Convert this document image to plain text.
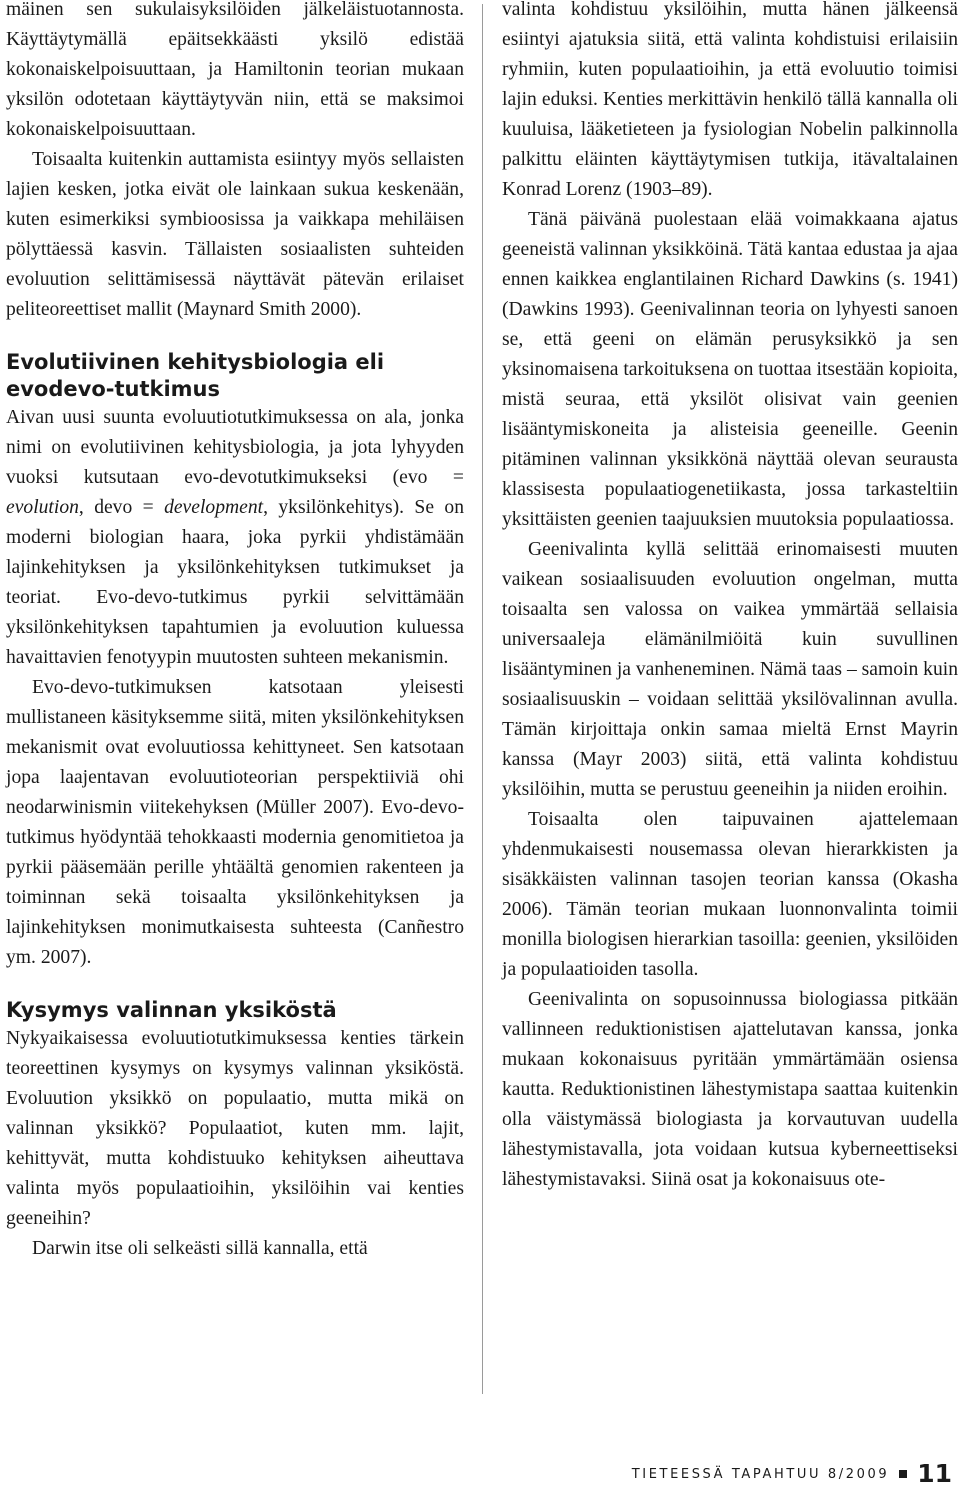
mäinen sen sukulaisyksilöiden jälkeläistuotannosta. Käyttäytymällä epäitsekkäästi yksilö edistää kokonaiskelpoisuuttaan, ja Hamiltonin teorian mukaan yksilön odotetaan käyttäytyvän niin, että se maksimoi kokonaiskelpoisuuttaan.

Toisaalta kuitenkin auttamista esiintyy myös sellaisten lajien kesken, jotka eivät ole lainkaan sukua keskenään, kuten esimerkiksi symbioosissa ja vaikkapa mehiläisen pölyttäessä kasvin. Tällaisten sosiaalisten suhteiden evoluution selittämisessä näyttävät pätevän erilaiset peliteoreettiset mallit (Maynard Smith 2000).

Evolutiivinen kehitysbiologia eli evodevo-tutkimus

Aivan uusi suunta evoluutiotutkimuksessa on ala, jonka nimi on evolutiivinen kehitysbiologia, ja jota lyhyyden vuoksi kutsutaan evo-devotutkimukseksi (evo = evolution, devo = development, yksilönkehitys). Se on moderni biologian haara, joka pyrkii yhdistämään lajinkehityksen ja yksilönkehityksen tutkimukset ja teoriat. Evo-devo-tutkimus pyrkii selvittämään yksilönkehityksen tapahtumien ja evoluution kuluessa havaittavien fenotyypin muutosten suhteen mekanismin.

Evo-devo-tutkimuksen katsotaan yleisesti mullistaneen käsityksemme siitä, miten yksilönkehityksen mekanismit ovat evoluutiossa kehittyneet. Sen katsotaan jopa laajentavan evoluutioteorian perspektiiviä ohi neodarwinismin viitekehyksen (Müller 2007). Evo-devo-tutkimus hyödyntää tehokkaasti modernia genomitietoa ja pyrkii pääsemään perille yhtäältä genomien rakenteen ja toiminnan sekä toisaalta yksilönkehityksen ja lajinkehityksen monimutkaisesta suhteesta (Canñestro ym. 2007).

Kysymys valinnan yksiköstä

Nykyaikaisessa evoluutiotutkimuksessa kenties tärkein teoreettinen kysymys on kysymys valinnan yksiköstä. Evoluution yksikkö on populaatio, mutta mikä on valinnan yksikkö? Populaatiot, kuten mm. lajit, kehittyvät, mutta kohdistuuko kehityksen aiheuttava valinta myös populaatioihin, yksilöihin vai kenties geeneihin?

Darwin itse oli selkeästi sillä kannalla, että

valinta kohdistuu yksilöihin, mutta hänen jälkeensä esiintyi ajatuksia siitä, että valinta kohdistuisi erilaisiin ryhmiin, kuten populaatioihin, ja että evoluutio toimisi lajin eduksi. Kenties merkittävin henkilö tällä kannalla oli kuuluisa, lääketieteen ja fysiologian Nobelin palkinnolla palkittu eläinten käyttäytymisen tutkija, itävaltalainen Konrad Lorenz (1903–89).

Tänä päivänä puolestaan elää voimakkaana ajatus geeneistä valinnan yksikköinä. Tätä kantaa edustaa ja ajaa ennen kaikkea englantilainen Richard Dawkins (s. 1941) (Dawkins 1993). Geenivalinnan teoria on lyhyesti sanoen se, että geeni on elämän perusyksikkö ja sen yksinomaisena tarkoituksena on tuottaa itsestään kopioita, mistä seuraa, että yksilöt olisivat vain geenien lisääntymiskoneita ja alisteisia geeneille. Geenin pitäminen valinnan yksikkönä näyttää olevan seurausta klassisesta populaatiogenetiikasta, jossa tarkasteltiin yksittäisten geenien taajuuksien muutoksia populaatiossa.

Geenivalinta kyllä selittää erinomaisesti muuten vaikean sosiaalisuuden evoluution ongelman, mutta toisaalta sen valossa on vaikea ymmärtää sellaisia universaaleja elämänilmiöitä kuin suvullinen lisääntyminen ja vanheneminen. Nämä taas – samoin kuin sosiaalisuuskin – voidaan selittää yksilövalinnan avulla. Tämän kirjoittaja onkin samaa mieltä Ernst Mayrin kanssa (Mayr 2003) siitä, että valinta kohdistuu yksilöihin, mutta se perustuu geeneihin ja niiden eroihin.

Toisaalta olen taipuvainen ajattelemaan yhdenmukaisesti nousemassa olevan hierarkkisten ja sisäkkäisten valinnan tasojen teorian kanssa (Okasha 2006). Tämän teorian mukaan luonnonvalinta toimii monilla biologisen hierarkian tasoilla: geenien, yksilöiden ja populaatioiden tasolla.

Geenivalinta on sopusoinnussa biologiassa pitkään vallinneen reduktionistisen ajattelutavan kanssa, jonka mukaan kokonaisuus pyritään ymmärtämään osiensa kautta. Reduktionistinen lähestymistapa saattaa kuitenkin olla väistymässä biologiasta ja korvautuvan uudella lähestymistavalla, jota voidaan kutsua kyberneettiseksi lähestymistavaksi. Siinä osat ja kokonaisuus ote-

TIETEESSÄ TAPAHTUU 8/2009 11
